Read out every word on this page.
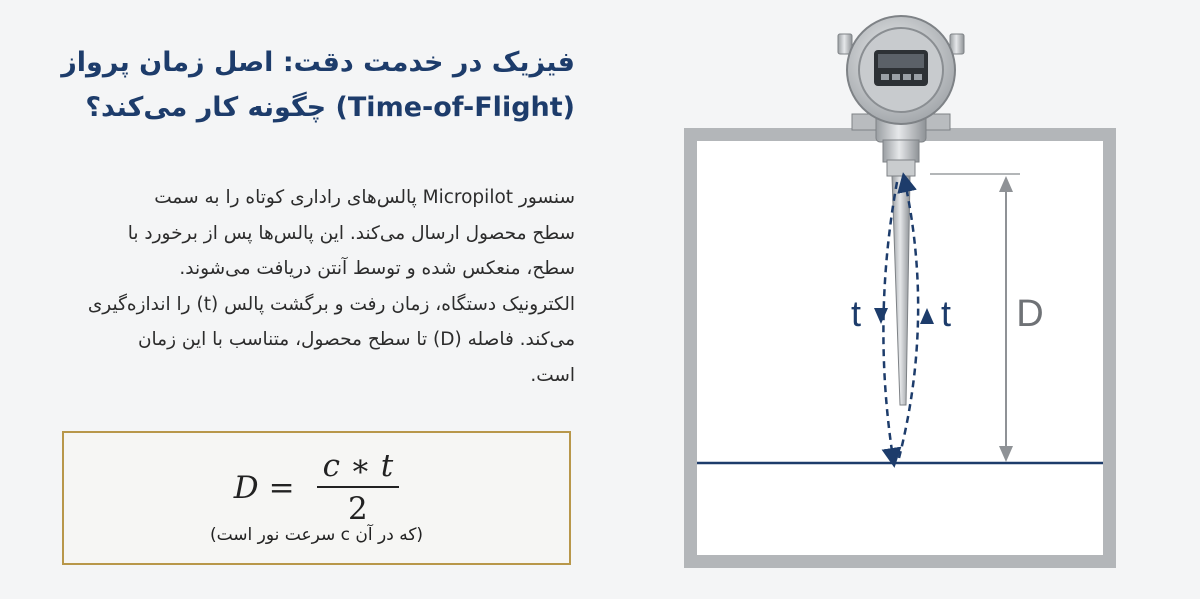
فیزیک در خدمت دقت: اصل زمان پرواز
(Time-of-Flight) چگونه کار می‌کند؟
سنسور Micropilot پالس‌های راداری کوتاه را به سمت
سطح محصول ارسال می‌کند. این پالس‌ها پس از برخورد با
سطح، منعکس شده و توسط آنتن دریافت می‌شوند.
الکترونیک دستگاه، زمان رفت و برگشت پالس (t) را اندازه‌گیری
می‌کند. فاصله (D) تا سطح محصول، متناسب با این زمان
است.
$D = \frac{c ∗ t}{2}$
(که در آن c سرعت نور است)
t t D
